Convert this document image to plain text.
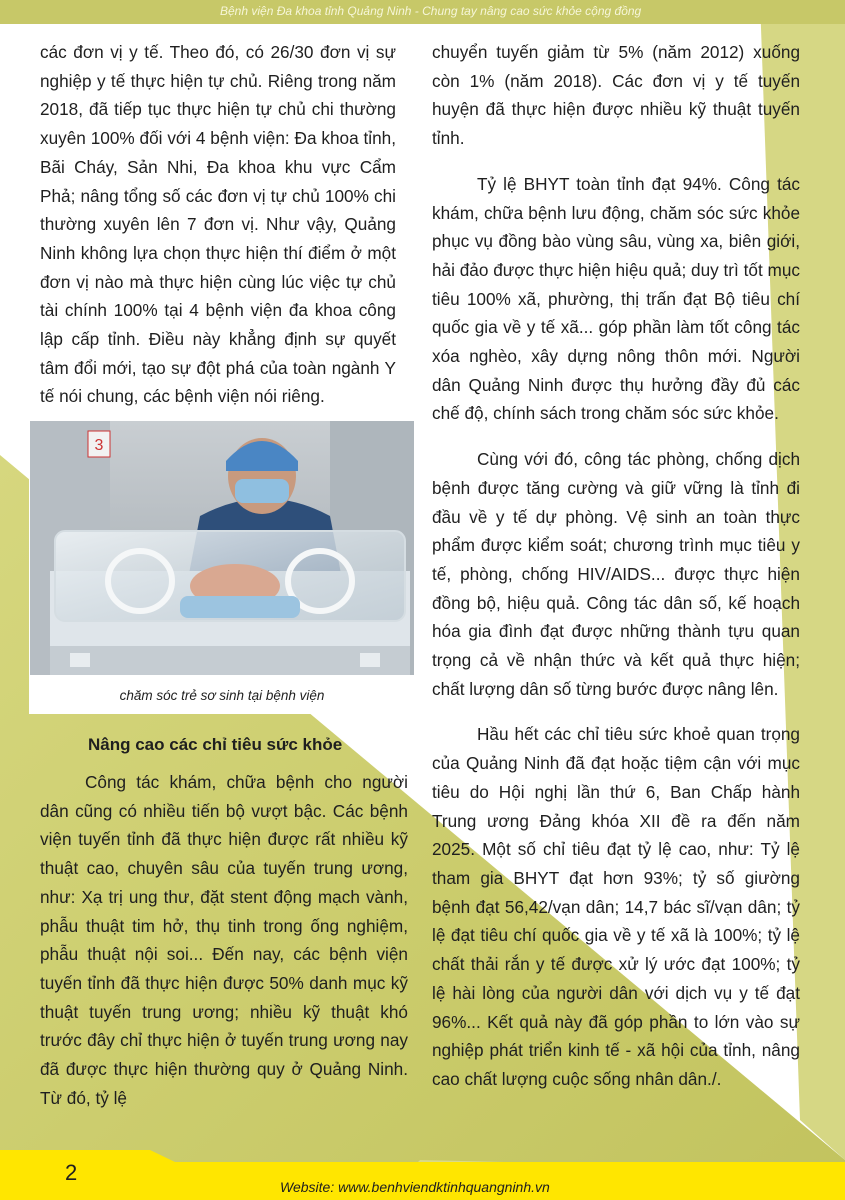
Bệnh viện Đa khoa tỉnh Quảng Ninh - Chung tay nâng cao sức khỏe cộng đồng

các đơn vị y tế. Theo đó, có 26/30 đơn vị sự nghiệp y tế thực hiện tự chủ. Riêng trong năm 2018, đã tiếp tục thực hiện tự chủ chi thường xuyên 100% đối với 4 bệnh viện: Đa khoa tỉnh, Bãi Cháy, Sản Nhi, Đa khoa khu vực Cẩm Phả; nâng tổng số các đơn vị tự chủ 100% chi thường xuyên lên 7 đơn vị. Như vậy, Quảng Ninh không lựa chọn thực hiện thí điểm ở một đơn vị nào mà thực hiện cùng lúc việc tự chủ tài chính 100% tại 4 bệnh viện đa khoa công lập cấp tỉnh. Điều này khẳng định sự quyết tâm đổi mới, tạo sự đột phá của toàn ngành Y tế nói chung, các bệnh viện nói riêng.

3
chăm sóc trẻ sơ sinh tại bệnh viện
Nâng cao các chỉ tiêu sức khỏe

Công tác khám, chữa bệnh cho người dân cũng có nhiều tiến bộ vượt bậc. Các bệnh viện tuyến tỉnh đã thực hiện được rất nhiều kỹ thuật cao, chuyên sâu của tuyến trung ương, như: Xạ trị ung thư, đặt stent động mạch vành, phẫu thuật tim hở, thụ tinh trong ống nghiệm, phẫu thuật nội soi... Đến nay, các bệnh viện tuyến tỉnh đã thực hiện được 50% danh mục kỹ thuật tuyến trung ương; nhiều kỹ thuật khó trước đây chỉ thực hiện ở tuyến trung ương nay đã được thực hiện thường quy ở Quảng Ninh. Từ đó, tỷ lệ

chuyển tuyến giảm từ 5% (năm 2012) xuống còn 1% (năm 2018). Các đơn vị y tế tuyến huyện đã thực hiện được nhiều kỹ thuật tuyến tỉnh.

Tỷ lệ BHYT toàn tỉnh đạt 94%. Công tác khám, chữa bệnh lưu động, chăm sóc sức khỏe phục vụ đồng bào vùng sâu, vùng xa, biên giới, hải đảo được thực hiện hiệu quả; duy trì tốt mục tiêu 100% xã, phường, thị trấn đạt Bộ tiêu chí quốc gia về y tế xã... góp phần làm tốt công tác xóa nghèo, xây dựng nông thôn mới. Người dân Quảng Ninh được thụ hưởng đầy đủ các chế độ, chính sách trong chăm sóc sức khỏe.

Cùng với đó, công tác phòng, chống dịch bệnh được tăng cường và giữ vững là tỉnh đi đầu về y tế dự phòng. Vệ sinh an toàn thực phẩm được kiểm soát; chương trình mục tiêu y tế, phòng, chống HIV/AIDS... được thực hiện đồng bộ, hiệu quả. Công tác dân số, kế hoạch hóa gia đình đạt được những thành tựu quan trọng cả về nhận thức và kết quả thực hiện; chất lượng dân số từng bước được nâng lên.

Hầu hết các chỉ tiêu sức khoẻ quan trọng của Quảng Ninh đã đạt hoặc tiệm cận với mục tiêu do Hội nghị lần thứ 6, Ban Chấp hành Trung ương Đảng khóa XII đề ra đến năm 2025. Một số chỉ tiêu đạt tỷ lệ cao, như: Tỷ lệ tham gia BHYT đạt hơn 93%; tỷ số giường bệnh đạt 56,42/vạn dân; 14,7 bác sĩ/vạn dân; tỷ lệ đạt tiêu chí quốc gia về y tế xã là 100%; tỷ lệ chất thải rắn y tế được xử lý ước đạt 100%; tỷ lệ hài lòng của người dân với dịch vụ y tế đạt 96%... Kết quả này đã góp phần to lớn vào sự nghiệp phát triển kinh tế - xã hội của tỉnh, nâng cao chất lượng cuộc sống nhân dân./.

2
Website: www.benhviendktinhquangninh.vn
